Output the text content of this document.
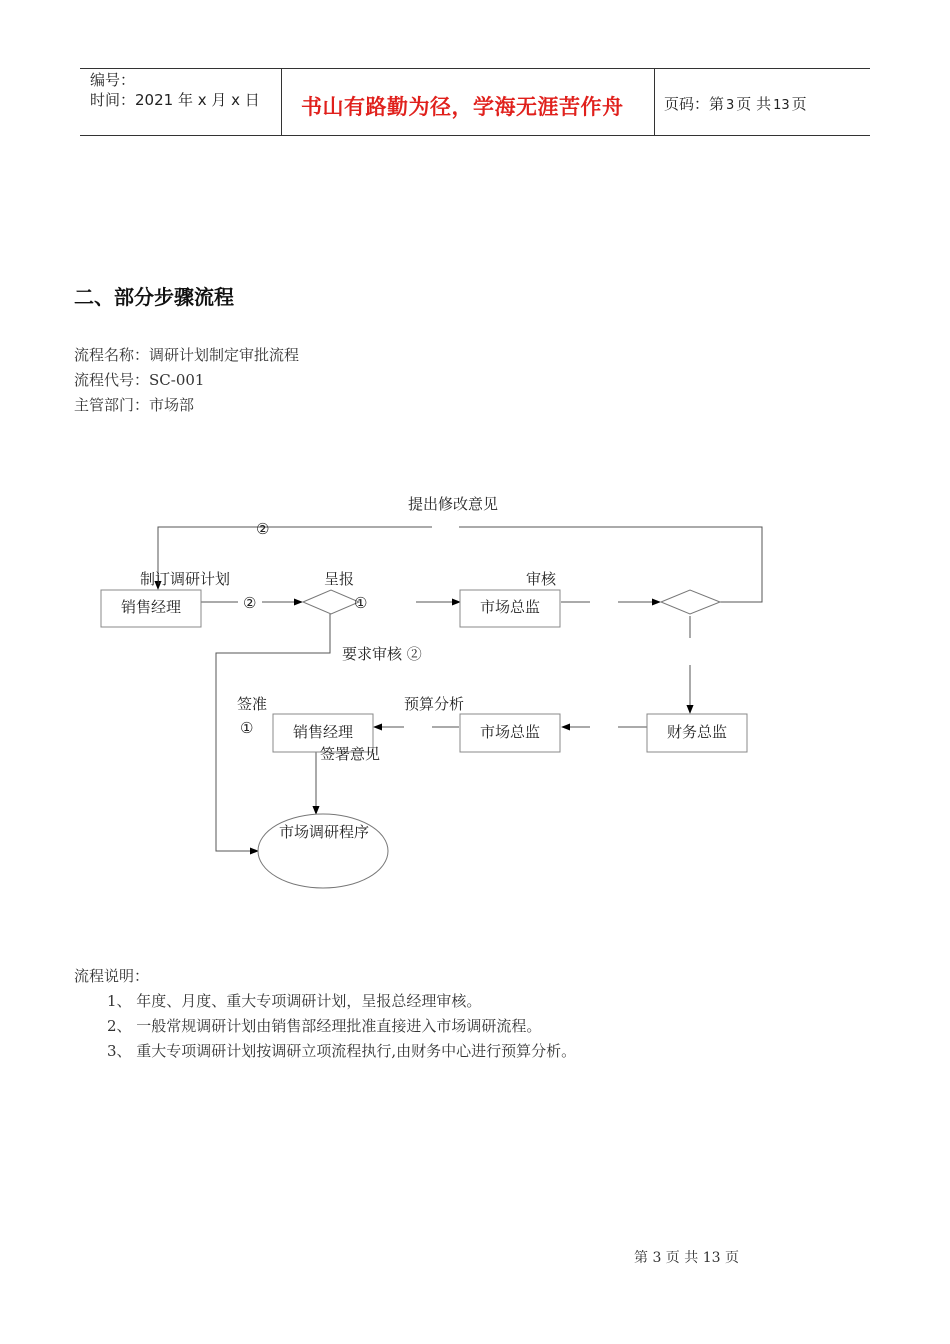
编号：
时间：2021 年 x 月 x 日 书山有路勤为径，学海无涯苦作舟	页码：第 3 页 共 13 页
二、部分步骤流程
流程名称：调研计划制定审批流程
流程代号：SC-001
主管部门：市场部
提出修改意见
②
制订调研计划	呈报	审核
②	①
销售经理	市场总监
要求审核 ②
签准
①
预算分析
销售经理	市场总监	财务总监
签署意见
市场调研程序
流程说明：
1、 年度、月度、重大专项调研计划，呈报总经理审核。
2、 一般常规调研计划由销售部经理批准直接进入市场调研流程。
3、 重大专项调研计划按调研立项流程执行,由财务中心进行预算分析。
第 3 页 共 13 页
